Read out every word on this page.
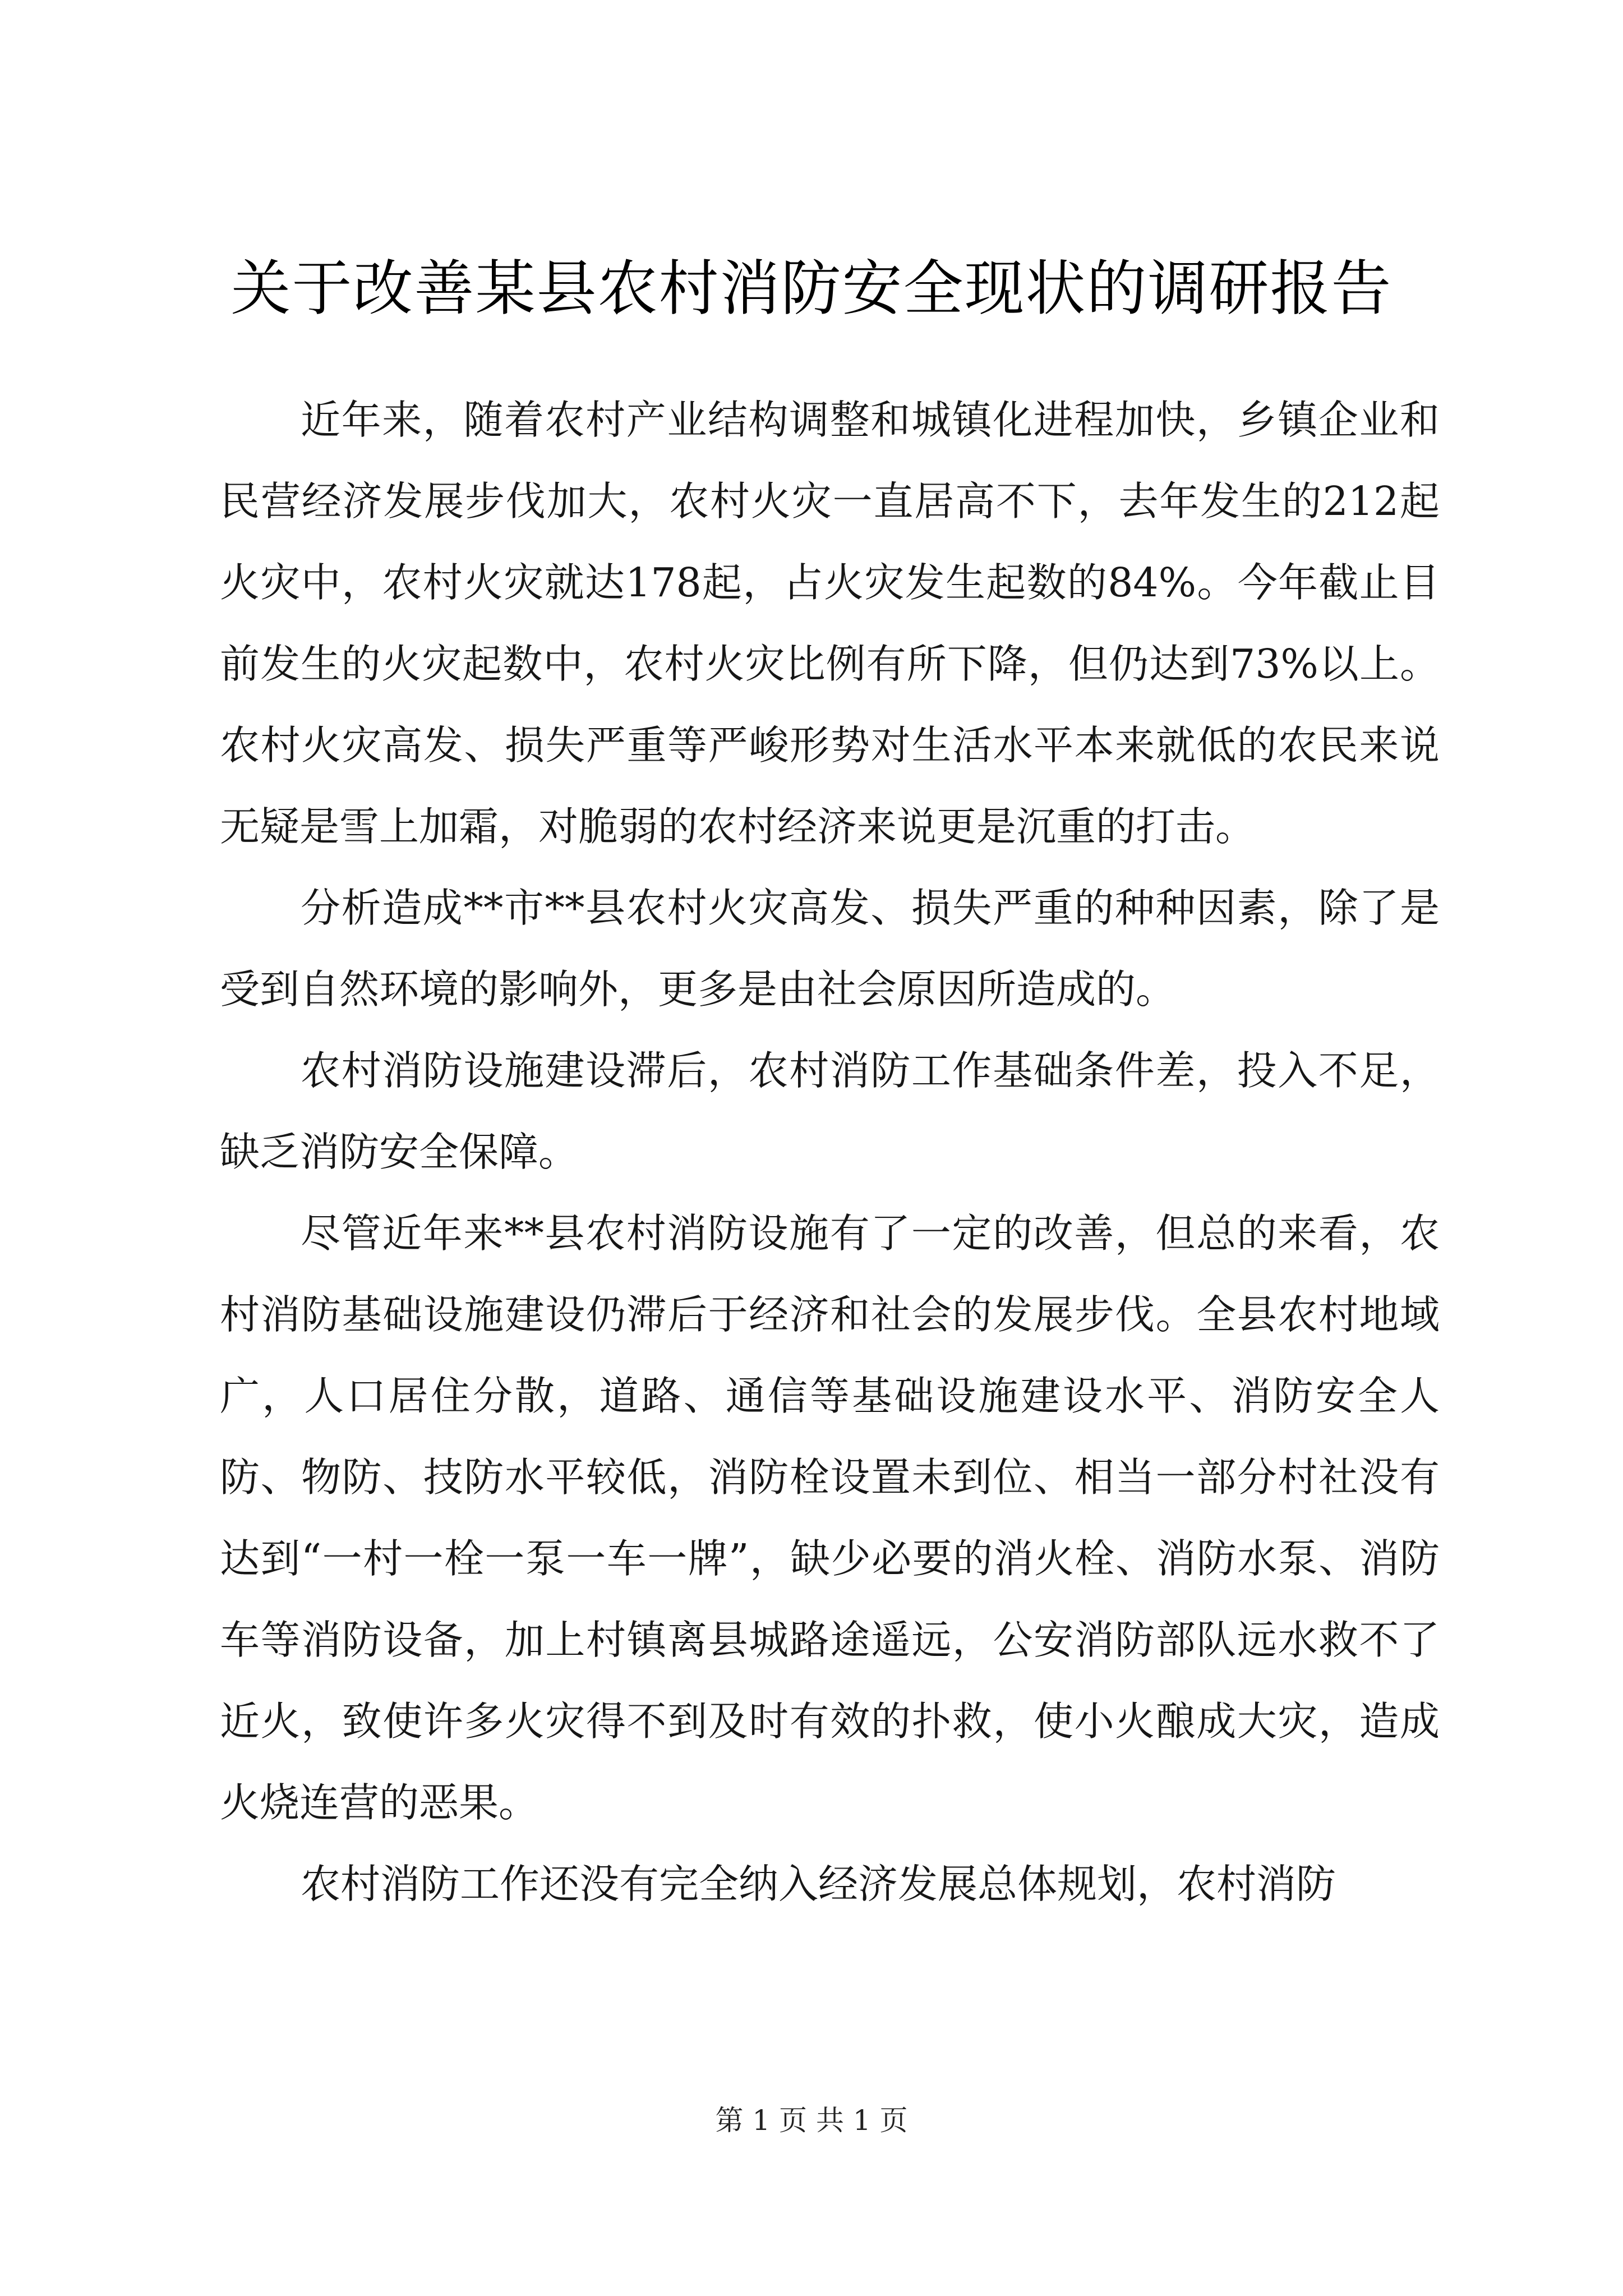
关于改善某县农村消防安全现状的调研报告

近年来，随着农村产业结构调整和城镇化进程加快，乡镇企业和民营经济发展步伐加大，农村火灾一直居高不下，去年发生的212起火灾中，农村火灾就达178起，占火灾发生起数的84%。今年截止目前发生的火灾起数中，农村火灾比例有所下降，但仍达到73%以上。农村火灾高发、损失严重等严峻形势对生活水平本来就低的农民来说无疑是雪上加霜，对脆弱的农村经济来说更是沉重的打击。

分析造成**市**县农村火灾高发、损失严重的种种因素，除了是受到自然环境的影响外，更多是由社会原因所造成的。

农村消防设施建设滞后，农村消防工作基础条件差，投入不足，缺乏消防安全保障。

尽管近年来**县农村消防设施有了一定的改善，但总的来看，农村消防基础设施建设仍滞后于经济和社会的发展步伐。全县农村地域广，人口居住分散，道路、通信等基础设施建设水平、消防安全人防、物防、技防水平较低，消防栓设置未到位、相当一部分村社没有达到“一村一栓一泵一车一牌”，缺少必要的消火栓、消防水泵、消防车等消防设备，加上村镇离县城路途遥远，公安消防部队远水救不了近火，致使许多火灾得不到及时有效的扑救，使小火酿成大灾，造成火烧连营的恶果。

农村消防工作还没有完全纳入经济发展总体规划，农村消防

第 1 页 共 1 页
